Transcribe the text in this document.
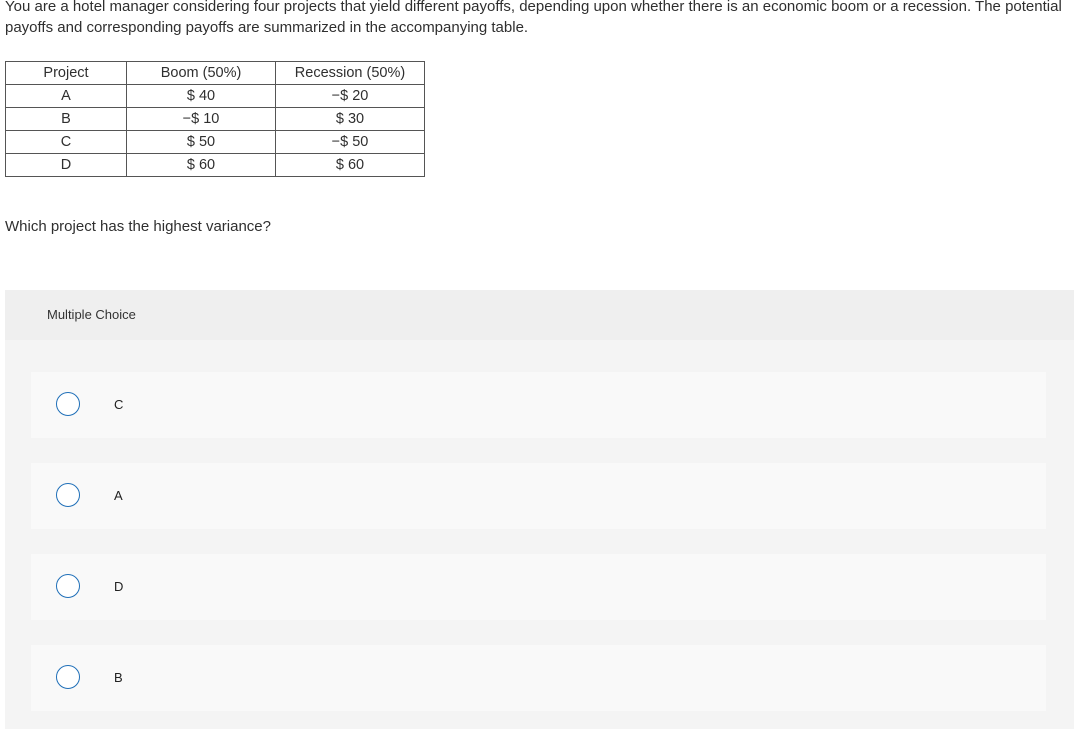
You are a hotel manager considering four projects that yield different payoffs, depending upon whether there is an economic boom or a recession. The potential payoffs and corresponding payoffs are summarized in the accompanying table.

Project	Boom (50%)	Recession (50%)
A	$ 40	−$ 20
B	−$ 10	$ 30
C	$ 50	−$ 50
D	$ 60	$ 60

Which project has the highest variance?

Multiple Choice
C
A
D
B
